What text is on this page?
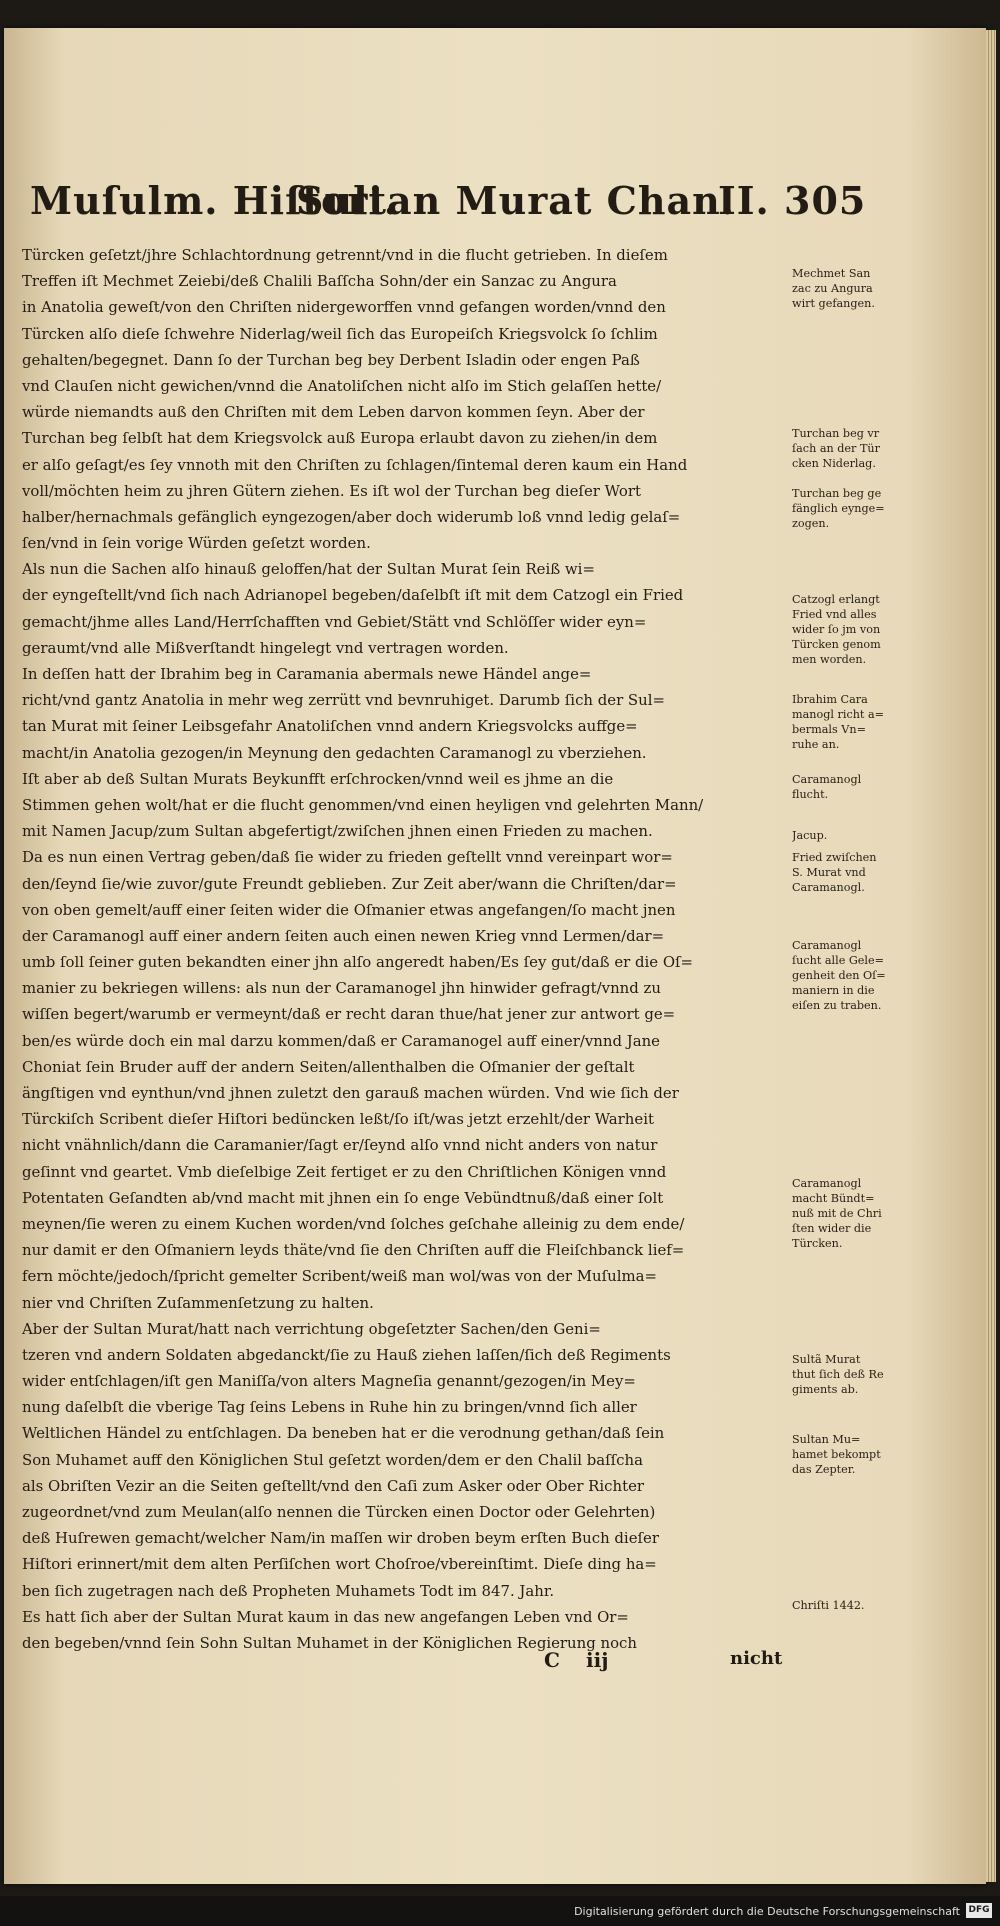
Muſulm. Hiſtori.
Sultan Murat Chan.
II. 305
Türcken geſetzt/jhre Schlachtordnung getrennt/vnd in die flucht getrieben. In dieſem
Treffen iſt Mechmet Zeiebi/deß Chalili Baſſcha Sohn/der ein Sanzac zu Angura
in Anatolia geweſt/von den Chriſten nidergeworffen vnnd gefangen worden/vnnd den
Türcken alſo dieſe ſchwehre Niderlag/weil ſich das Europeiſch Kriegsvolck ſo ſchlim
gehalten/begegnet. Dann ſo der Turchan beg bey Derbent Isladin oder engen Paß
vnd Clauſen nicht gewichen/vnnd die Anatoliſchen nicht alſo im Stich gelaſſen hette/
würde niemandts auß den Chriſten mit dem Leben darvon kommen ſeyn. Aber der
Turchan beg ſelbſt hat dem Kriegsvolck auß Europa erlaubt davon zu ziehen/in dem
er alſo geſagt/es ſey vnnoth mit den Chriſten zu ſchlagen/ſintemal deren kaum ein Hand
voll/möchten heim zu jhren Gütern ziehen. Es iſt wol der Turchan beg dieſer Wort
halber/hernachmals gefänglich eyngezogen/aber doch widerumb loß vnnd ledig gelaſ=
ſen/vnd in ſein vorige Würden geſetzt worden.
Als nun die Sachen alſo hinauß geloffen/hat der Sultan Murat ſein Reiß wi=
der eyngeſtellt/vnd ſich nach Adrianopel begeben/daſelbſt iſt mit dem Catzogl ein Fried
gemacht/jhme alles Land/Herrſchafften vnd Gebiet/Stätt vnd Schlöſſer wider eyn=
geraumt/vnd alle Mißverſtandt hingelegt vnd vertragen worden.
In deſſen hatt der Ibrahim beg in Caramania abermals newe Händel ange=
richt/vnd gantz Anatolia in mehr weg zerrütt vnd bevnruhiget. Darumb ſich der Sul=
tan Murat mit ſeiner Leibsgefahr Anatoliſchen vnnd andern Kriegsvolcks auffge=
macht/in Anatolia gezogen/in Meynung den gedachten Caramanogl zu vberziehen.
Iſt aber ab deß Sultan Murats Beykunfft erſchrocken/vnnd weil es jhme an die
Stimmen gehen wolt/hat er die flucht genommen/vnd einen heyligen vnd gelehrten Mann/
mit Namen Jacup/zum Sultan abgefertigt/zwiſchen jhnen einen Frieden zu machen.
Da es nun einen Vertrag geben/daß ſie wider zu frieden geſtellt vnnd vereinpart wor=
den/ſeynd ſie/wie zuvor/gute Freundt geblieben. Zur Zeit aber/wann die Chriſten/dar=
von oben gemelt/auff einer ſeiten wider die Oſmanier etwas angefangen/ſo macht jnen
der Caramanogl auff einer andern ſeiten auch einen newen Krieg vnnd Lermen/dar=
umb ſoll ſeiner guten bekandten einer jhn alſo angeredt haben/Es ſey gut/daß er die Oſ=
manier zu bekriegen willens: als nun der Caramanogel jhn hinwider gefragt/vnnd zu
wiſſen begert/warumb er vermeynt/daß er recht daran thue/hat jener zur antwort ge=
ben/es würde doch ein mal darzu kommen/daß er Caramanogel auff einer/vnnd Jane
Choniat ſein Bruder auff der andern Seiten/allenthalben die Oſmanier der geſtalt
ängſtigen vnd eynthun/vnd jhnen zuletzt den garauß machen würden. Vnd wie ſich der
Türckiſch Scribent dieſer Hiſtori bedüncken leßt/ſo iſt/was jetzt erzehlt/der Warheit
nicht vnähnlich/dann die Caramanier/ſagt er/ſeynd alſo vnnd nicht anders von natur
geſinnt vnd geartet. Vmb dieſelbige Zeit fertiget er zu den Chriſtlichen Königen vnnd
Potentaten Geſandten ab/vnd macht mit jhnen ein ſo enge Vebündtnuß/daß einer ſolt
meynen/ſie weren zu einem Kuchen worden/vnd ſolches geſchahe alleinig zu dem ende/
nur damit er den Oſmaniern leyds thäte/vnd ſie den Chriſten auff die Fleiſchbanck lief=
fern möchte/jedoch/ſpricht gemelter Scribent/weiß man wol/was von der Muſulma=
nier vnd Chriſten Zuſammenſetzung zu halten.
Aber der Sultan Murat/hatt nach verrichtung obgeſetzter Sachen/den Geni=
tzeren vnd andern Soldaten abgedanckt/ſie zu Hauß ziehen laſſen/ſich deß Regiments
wider entſchlagen/iſt gen Maniſſa/von alters Magneſia genannt/gezogen/in Mey=
nung daſelbſt die vberige Tag ſeins Lebens in Ruhe hin zu bringen/vnnd ſich aller
Weltlichen Händel zu entſchlagen. Da beneben hat er die verodnung gethan/daß ſein
Son Muhamet auff den Königlichen Stul geſetzt worden/dem er den Chalil baſſcha
als Obriſten Vezir an die Seiten geſtellt/vnd den Caſi zum Asker oder Ober Richter
zugeordnet/vnd zum Meulan(alſo nennen die Türcken einen Doctor oder Gelehrten)
deß Huſrewen gemacht/welcher Nam/in maſſen wir droben beym erſten Buch dieſer
Hiſtori erinnert/mit dem alten Perſiſchen wort Choſroe/vbereinſtimt. Dieſe ding ha=
ben ſich zugetragen nach deß Propheten Muhamets Todt im 847. Jahr.
Es hatt ſich aber der Sultan Murat kaum in das new angefangen Leben vnd Or=
den begeben/vnnd ſein Sohn Sultan Muhamet in der Königlichen Regierung noch
Mechmet San
zac zu Angura
wirt gefangen.
Turchan beg vr
ſach an der Tür
cken Niderlag.
Turchan beg ge
fänglich eynge=
zogen.
Catzogl erlangt
Fried vnd alles
wider ſo jm von
Türcken genom
men worden.
Ibrahim Cara
manogl richt a=
bermals Vn=
ruhe an.
Caramanogl
flucht.
Jacup.
Fried zwiſchen
S. Murat vnd
Caramanogl.
Caramanogl
ſucht alle Gele=
genheit den Oſ=
maniern in die
eiſen zu traben.
Caramanogl
macht Bündt=
nuß mit de Chri
ſten wider die
Türcken.
Sultã Murat
thut ſich deß Re
giments ab.
Sultan Mu=
hamet bekompt
das Zepter.
Chriſti 1442.
C iij	nicht
Digitalisierung gefördert durch die Deutsche Forschungsgemeinschaft DFG
